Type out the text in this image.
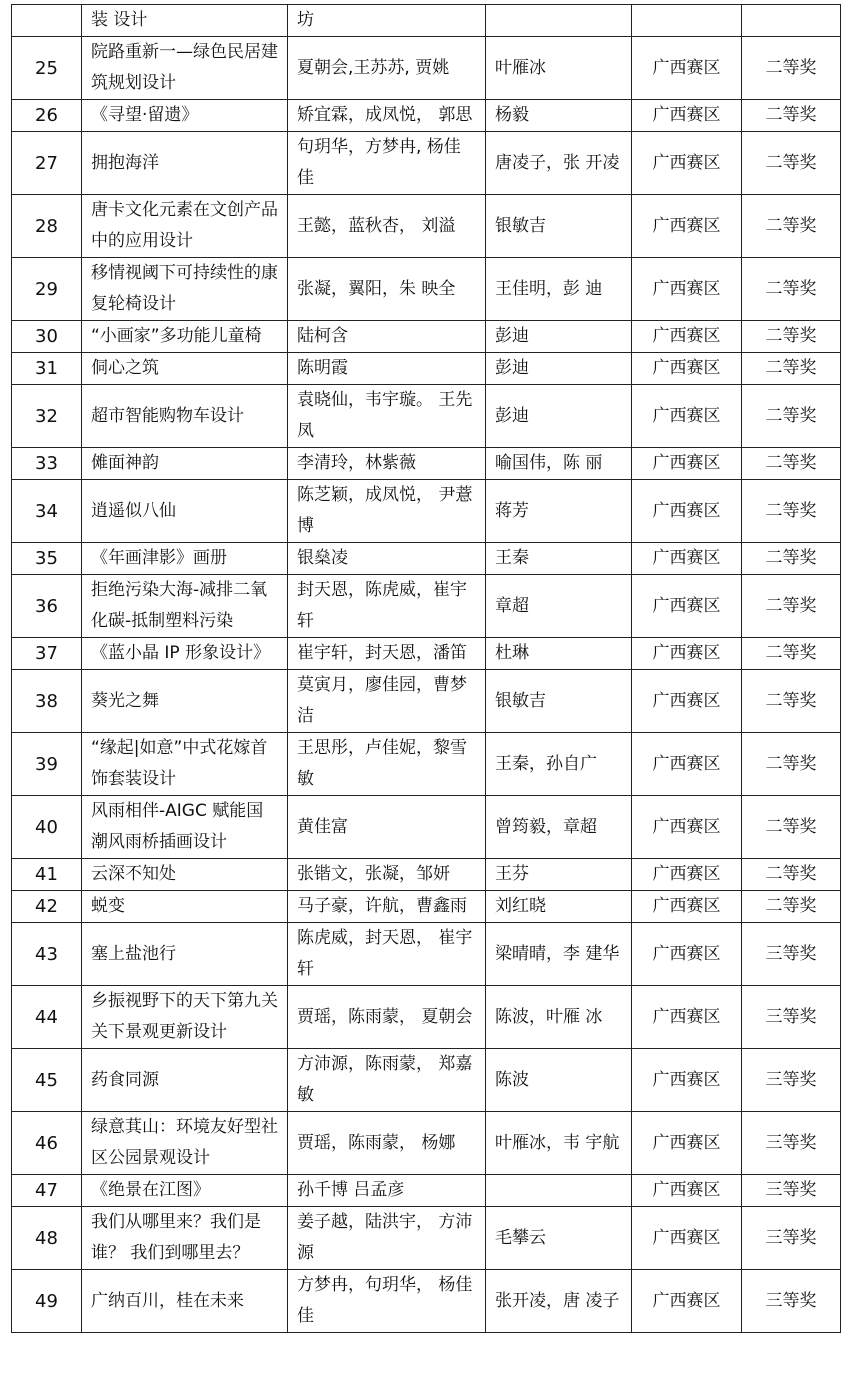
	装 设计	坊			
25	院路重新一—绿色民居建 筑规划设计	夏朝会,王苏苏, 贾姚	叶雁冰	广西赛区	二等奖
26	《寻望·留遗》	矫宜霖，成凤悦， 郭思	杨毅	广西赛区	二等奖
27	拥抱海洋	句玥华，方梦冉, 杨佳佳	唐凌子，张 开凌	广西赛区	二等奖
28	唐卡文化元素在文创产品 中的应用设计	王懿，蓝秋杏， 刘溢	银敏吉	广西赛区	二等奖
29	移情视阈下可持续性的康 复轮椅设计	张凝，翼阳，朱 映全	王佳明，彭 迪	广西赛区	二等奖
30	“小画家”多功能儿童椅	陆柯含	彭迪	广西赛区	二等奖
31	侗心之筑	陈明霞	彭迪	广西赛区	二等奖
32	超市智能购物车设计	袁晓仙，韦宇璇。 王先凤	彭迪	广西赛区	二等奖
33	傩面神韵	李清玲，林紫薇	喻国伟，陈 丽	广西赛区	二等奖
34	逍遥似八仙	陈芝颖，成凤悦， 尹薏博	蒋芳	广西赛区	二等奖
35	《年画津影》画册	银燊凌	王秦	广西赛区	二等奖
36	拒绝污染大海-减排二氧化碳-抵制塑料污染	封天恩，陈虎威，崔宇轩	章超	广西赛区	二等奖
37	《蓝小晶 IP 形象设计》	崔宇轩，封天恩，潘笛	杜琳	广西赛区	二等奖
38	葵光之舞	莫寅月，廖佳园，曹梦洁	银敏吉	广西赛区	二等奖
39	“缘起|如意”中式花嫁首饰套装设计	王思彤，卢佳妮，黎雪敏	王秦，孙自广	广西赛区	二等奖
40	风雨相伴-AIGC 赋能国潮风雨桥插画设计	黄佳富	曾筠毅，章超	广西赛区	二等奖
41	云深不知处	张锴文，张凝，邹妍	王芬	广西赛区	二等奖
42	蜕变	马子豪，许航，曹鑫雨	刘红晓	广西赛区	二等奖
43	塞上盐池行	陈虎威，封天恩， 崔宇轩	梁晴晴，李 建华	广西赛区	三等奖
44	乡振视野下的天下第九关 关下景观更新设计	贾瑶，陈雨蒙， 夏朝会	陈波，叶雁 冰	广西赛区	三等奖
45	药食同源	方沛源，陈雨蒙， 郑嘉敏	陈波	广西赛区	三等奖
46	绿意萁山：环境友好型社 区公园景观设计	贾瑶，陈雨蒙， 杨娜	叶雁冰，韦 宇航	广西赛区	三等奖
47	《绝景在江图》	孙千博 吕孟彦		广西赛区	三等奖
48	我们从哪里来？我们是谁？ 我们到哪里去？	姜子越，陆洪宇， 方沛源	毛攀云	广西赛区	三等奖
49	广纳百川，桂在未来	方梦冉，句玥华， 杨佳佳	张开凌，唐 凌子	广西赛区	三等奖
